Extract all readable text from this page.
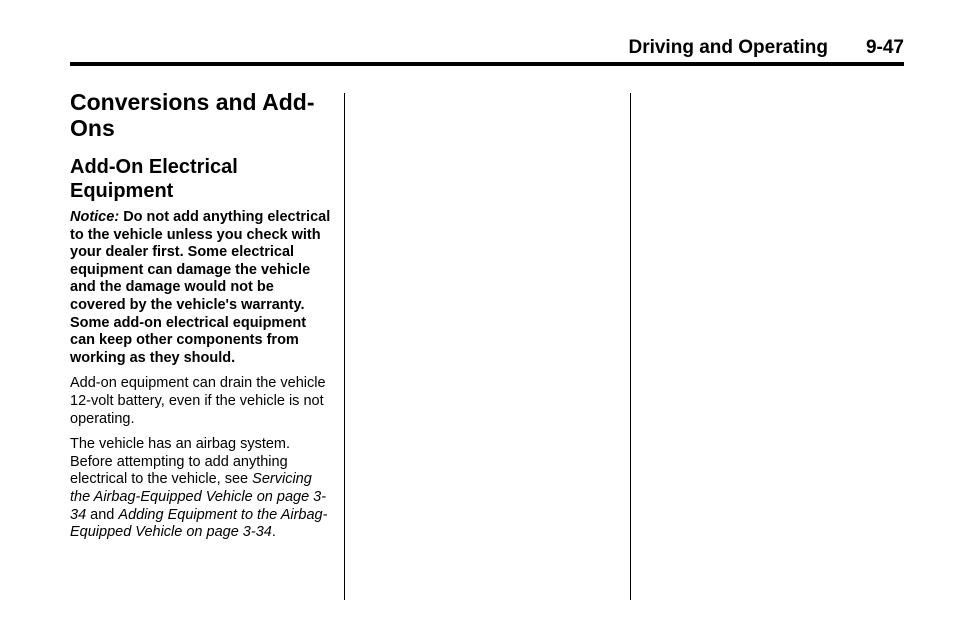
Driving and Operating 9-47
Conversions and Add-Ons
Add-On Electrical Equipment

Notice: Do not add anything electrical to the vehicle unless you check with your dealer first. Some electrical equipment can damage the vehicle and the damage would not be covered by the vehicle's warranty. Some add-on electrical equipment can keep other components from working as they should.

Add-on equipment can drain the vehicle 12-volt battery, even if the vehicle is not operating.

The vehicle has an airbag system. Before attempting to add anything electrical to the vehicle, see Servicing the Airbag-Equipped Vehicle on page 3-34 and Adding Equipment to the Airbag-Equipped Vehicle on page 3-34.
